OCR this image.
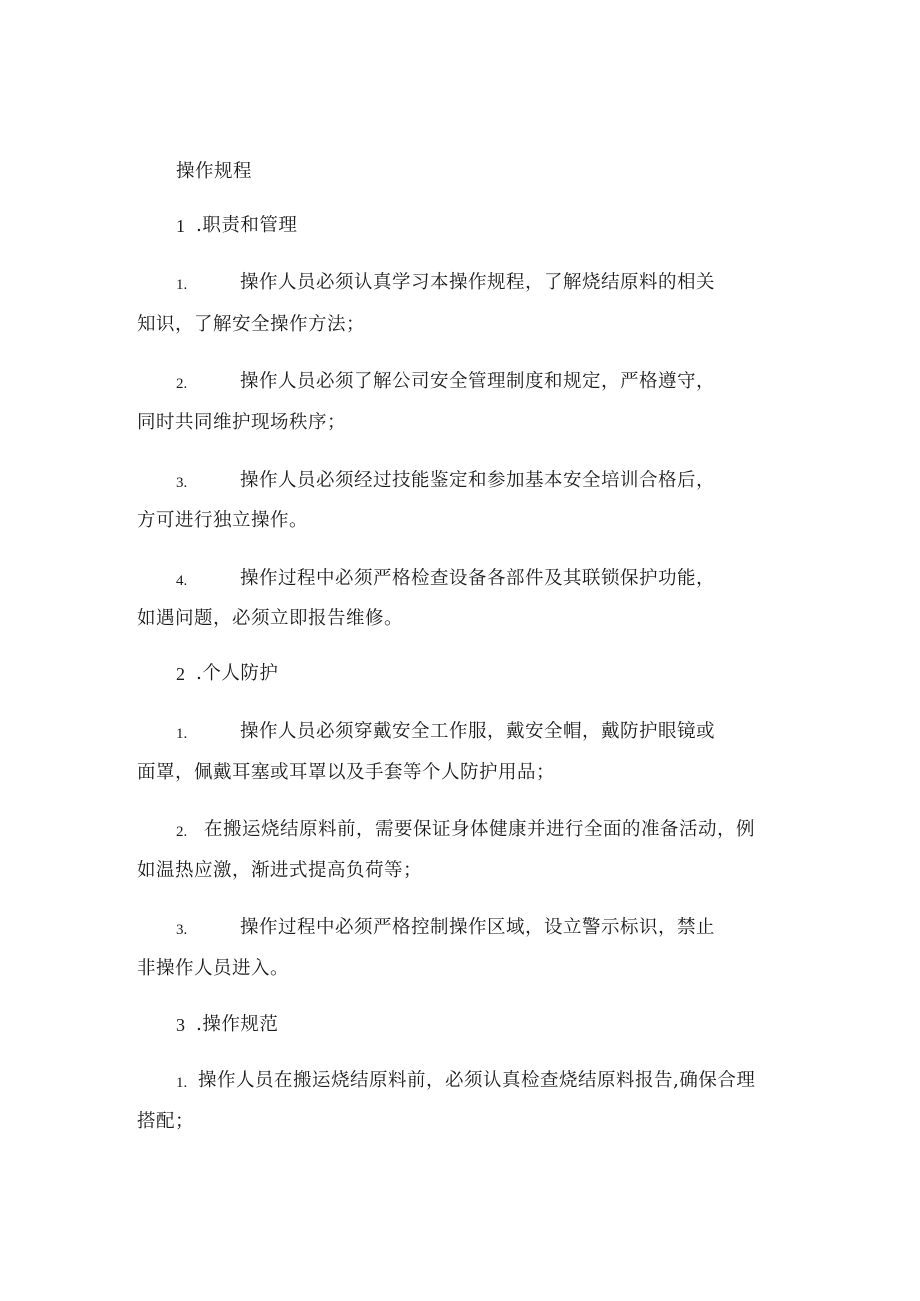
操作规程
1 .职责和管理
1.	操作人员必须认真学习本操作规程，了解烧结原料的相关
知识，了解安全操作方法；
2.	操作人员必须了解公司安全管理制度和规定，严格遵守，
同时共同维护现场秩序；
3.	操作人员必须经过技能鉴定和参加基本安全培训合格后，
方可进行独立操作。
4.	操作过程中必须严格检查设备各部件及其联锁保护功能，
如遇问题，必须立即报告维修。
2 .个人防护
1.	操作人员必须穿戴安全工作服，戴安全帽，戴防护眼镜或
面罩，佩戴耳塞或耳罩以及手套等个人防护用品；
2. 在搬运烧结原料前，需要保证身体健康并进行全面的准备活动，例
如温热应激，渐进式提高负荷等；
3.	操作过程中必须严格控制操作区域，设立警示标识，禁止
非操作人员进入。
3 .操作规范
1. 操作人员在搬运烧结原料前，必须认真检查烧结原料报告,确保合理
搭配；
